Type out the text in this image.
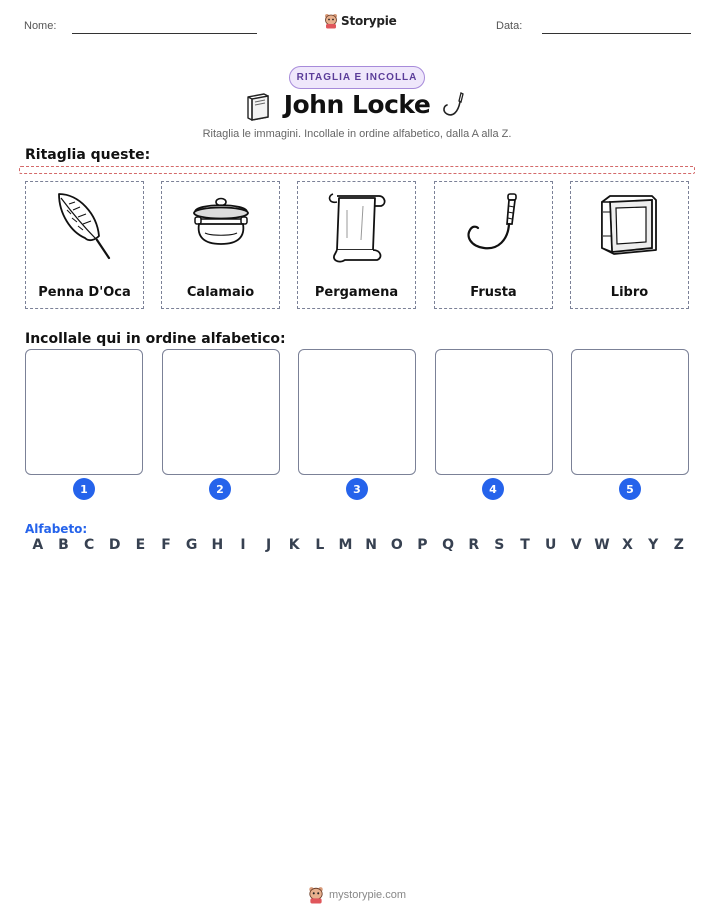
Nome:	Storypie	Data:
RITAGLIA E INCOLLA
John Locke
Ritaglia le immagini. Incollale in ordine alfabetico, dalla A alla Z.
Ritaglia queste:
Penna D'Oca	Calamaio	Pergamena	Frusta	Libro
Incollale qui in ordine alfabetico:
1	2	3	4	5
Alfabeto:
A	B	C	D	E	F	G	H	I	J	K	L	M N O	P	Q	R	S	T	U	V W X	Y	Z
mystorypie.com
